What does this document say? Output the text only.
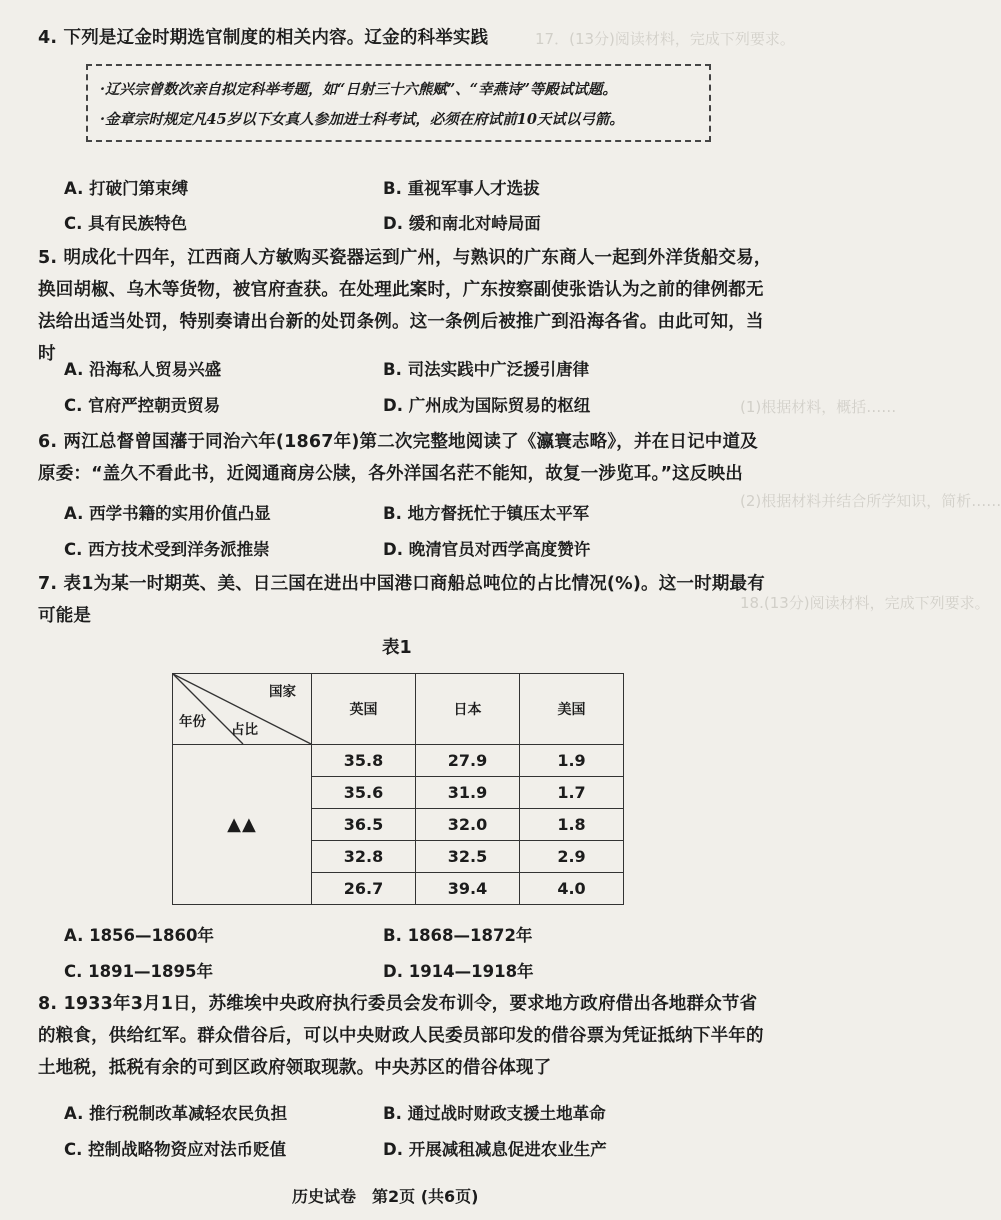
17．(13分)阅读材料，完成下列要求。
(1)根据材料，概括……
(2)根据材料并结合所学知识，简析……
18.(13分)阅读材料，完成下列要求。
4. 下列是辽金时期选官制度的相关内容。辽金的科举实践
·辽兴宗曾数次亲自拟定科举考题，如“日射三十六熊赋”、“幸燕诗”等殿试试题。
·金章宗时规定凡45岁以下女真人参加进士科考试，必须在府试前10天试以弓箭。
A. 打破门第束缚	B. 重视军事人才选拔
C. 具有民族特色	D. 缓和南北对峙局面
5. 明成化十四年，江西商人方敏购买瓷器运到广州，与熟识的广东商人一起到外洋货船交易，换回胡椒、乌木等货物，被官府查获。在处理此案时，广东按察副使张诰认为之前的律例都无法给出适当处罚，特别奏请出台新的处罚条例。这一条例后被推广到沿海各省。由此可知，当时
A. 沿海私人贸易兴盛	B. 司法实践中广泛援引唐律
C. 官府严控朝贡贸易	D. 广州成为国际贸易的枢纽
6. 两江总督曾国藩于同治六年(1867年)第二次完整地阅读了《瀛寰志略》，并在日记中道及原委：“盖久不看此书，近阅通商房公牍，各外洋国名茫不能知，故复一涉览耳。”这反映出
A. 西学书籍的实用价值凸显	B. 地方督抚忙于镇压太平军
C. 西方技术受到洋务派推崇	D. 晚清官员对西学高度赞许
7. 表1为某一时期英、美、日三国在进出中国港口商船总吨位的占比情况(%)。这一时期最有可能是
表1
国家
占比
年份	英国	日本	美国
▲▲	35.8	27.9	1.9
	35.6	31.9	1.7
	36.5	32.0	1.8
	32.8	32.5	2.9
	26.7	39.4	4.0
A. 1856—1860年	B. 1868—1872年
C. 1891—1895年	D. 1914—1918年
8. 1933年3月1日，苏维埃中央政府执行委员会发布训令，要求地方政府借出各地群众节省的粮食，供给红军。群众借谷后，可以中央财政人民委员部印发的借谷票为凭证抵纳下半年的土地税，抵税有余的可到区政府领取现款。中央苏区的借谷体现了
A. 推行税制改革减轻农民负担	B. 通过战时财政支援土地革命
C. 控制战略物资应对法币贬值	D. 开展减租减息促进农业生产
历史试卷　第2页 (共6页)
